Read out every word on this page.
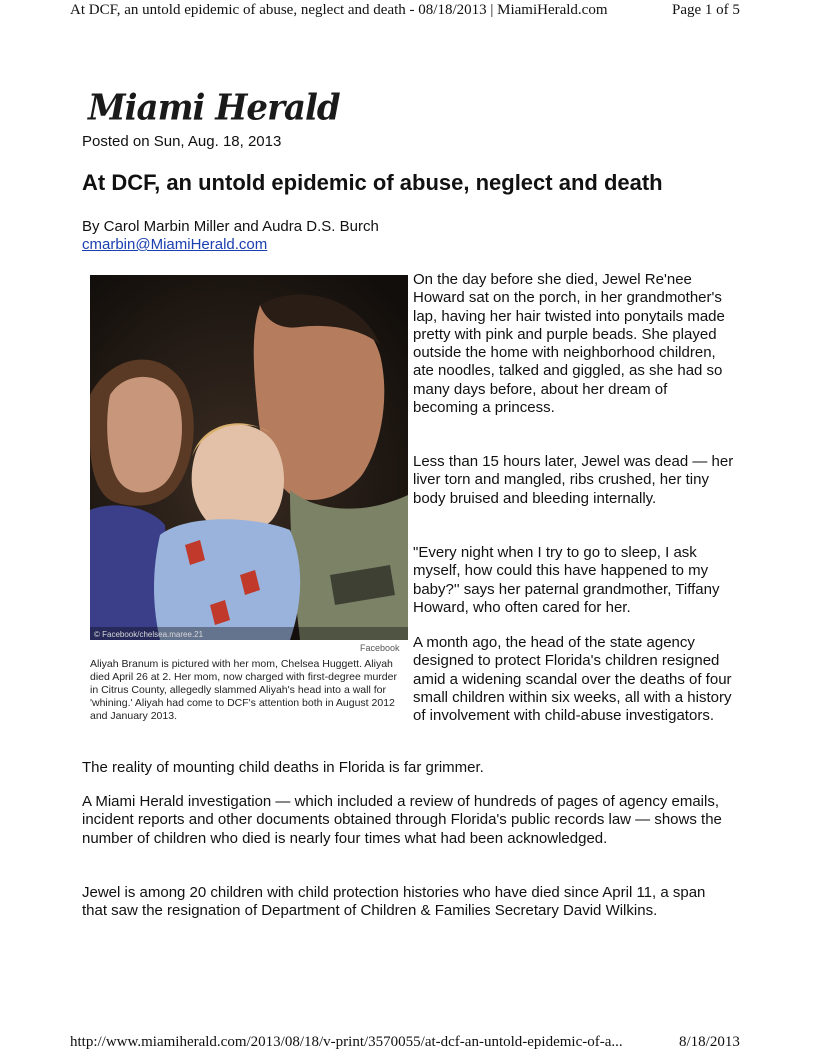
At DCF, an untold epidemic of abuse, neglect and death - 08/18/2013 | MiamiHerald.com	Page 1 of 5
Miami Herald
Posted on Sun, Aug. 18, 2013
At DCF, an untold epidemic of abuse, neglect and death
By Carol Marbin Miller and Audra D.S. Burch
cmarbin@MiamiHerald.com
© Facebook/chelsea.maree.21
Facebook
Aliyah Branum is pictured with her mom, Chelsea Huggett. Aliyah died April 26 at 2. Her mom, now charged with first-degree murder in Citrus County, allegedly slammed Aliyah's head into a wall for 'whining.' Aliyah had come to DCF's attention both in August 2012 and January 2013.

On the day before she died, Jewel Re'nee Howard sat on the porch, in her grandmother's lap, having her hair twisted into ponytails made pretty with pink and purple beads. She played outside the home with neighborhood children, ate noodles, talked and giggled, as she had so many days before, about her dream of becoming a princess.

Less than 15 hours later, Jewel was dead — her liver torn and mangled, ribs crushed, her tiny body bruised and bleeding internally.

"Every night when I try to go to sleep, I ask myself, how could this have happened to my baby?'' says her paternal grandmother, Tiffany Howard, who often cared for her.

A month ago, the head of the state agency designed to protect Florida's children resigned amid a widening scandal over the deaths of four small children within six weeks, all with a history of involvement with child-abuse investigators.

The reality of mounting child deaths in Florida is far grimmer.

A Miami Herald investigation — which included a review of hundreds of pages of agency emails, incident reports and other documents obtained through Florida's public records law — shows the number of children who died is nearly four times what had been acknowledged.

Jewel is among 20 children with child protection histories who have died since April 11, a span that saw the resignation of Department of Children & Families Secretary David Wilkins.

http://www.miamiherald.com/2013/08/18/v-print/3570055/at-dcf-an-untold-epidemic-of-a...	8/18/2013
